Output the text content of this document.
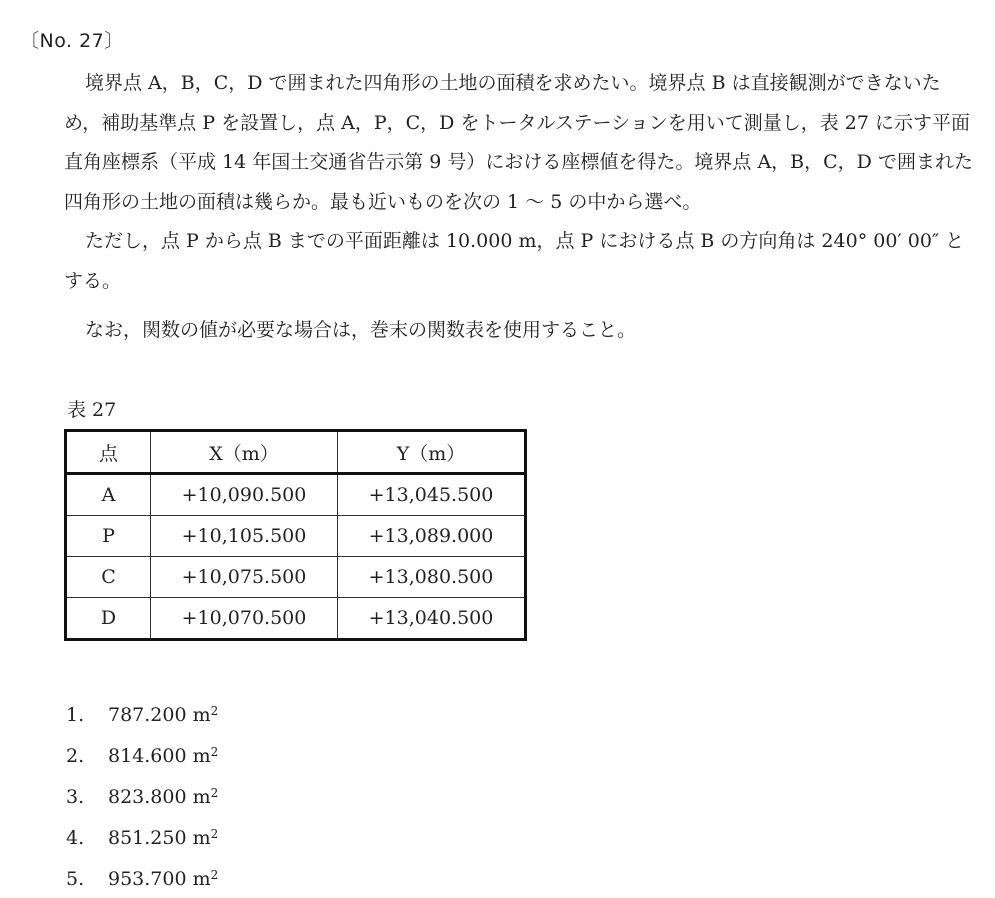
〔No. 27〕
境界点 A，B，C，D で囲まれた四角形の土地の面積を求めたい。境界点 B は直接観測ができないため，補助基準点 P を設置し，点 A，P，C，D をトータルステーションを用いて測量し，表 27 に示す平面直角座標系（平成 14 年国土交通省告示第 9 号）における座標値を得た。境界点 A，B，C，D で囲まれた四角形の土地の面積は幾らか。最も近いものを次の 1 〜 5 の中から選べ。
ただし，点 P から点 B までの平面距離は 10.000 m，点 P における点 B の方向角は 240° 00′ 00″ とする。
なお，関数の値が必要な場合は，巻末の関数表を使用すること。
表 27
点	X（m）	Y（m）
A	+10,090.500	+13,045.500
P	+10,105.500	+13,089.000
C	+10,075.500	+13,080.500
D	+10,070.500	+13,040.500
1. 787.200 $m^2$
2. 814.600 $m^2$
3. 823.800 $m^2$
4. 851.250 $m^2$
5. 953.700 $m^2$
